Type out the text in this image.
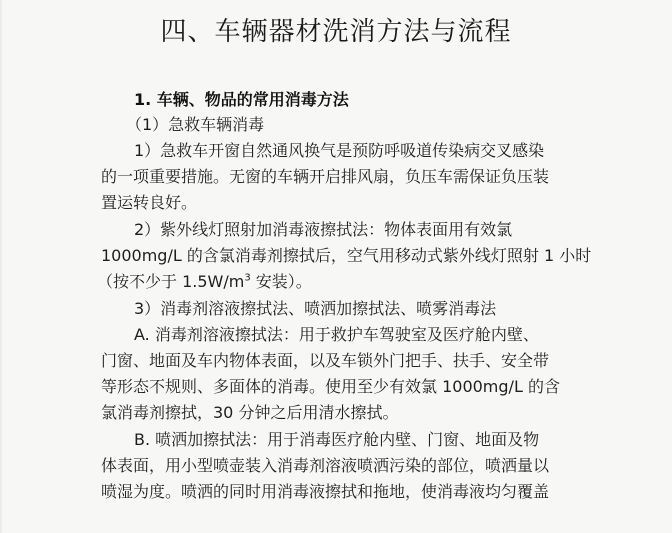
四、车辆器材洗消方法与流程
1. 车辆、物品的常用消毒方法
（1）急救车辆消毒
1）急救车开窗自然通风换气是预防呼吸道传染病交叉感染
的一项重要措施。无窗的车辆开启排风扇，负压车需保证负压装
置运转良好。
2）紫外线灯照射加消毒液擦拭法：物体表面用有效氯
1000mg/L 的含氯消毒剂擦拭后，空气用移动式紫外线灯照射 1 小时
（按不少于 $1.5W/m^3$ 安装）。
3）消毒剂溶液擦拭法、喷洒加擦拭法、喷雾消毒法
A. 消毒剂溶液擦拭法：用于救护车驾驶室及医疗舱内壁、
门窗、地面及车内物体表面，以及车锁外门把手、扶手、安全带
等形态不规则、多面体的消毒。使用至少有效氯 1000mg/L 的含
氯消毒剂擦拭，30 分钟之后用清水擦拭。
B. 喷洒加擦拭法：用于消毒医疗舱内壁、门窗、地面及物
体表面，用小型喷壶装入消毒剂溶液喷洒污染的部位，喷洒量以
喷湿为度。喷洒的同时用消毒液擦拭和拖地，使消毒液均匀覆盖
